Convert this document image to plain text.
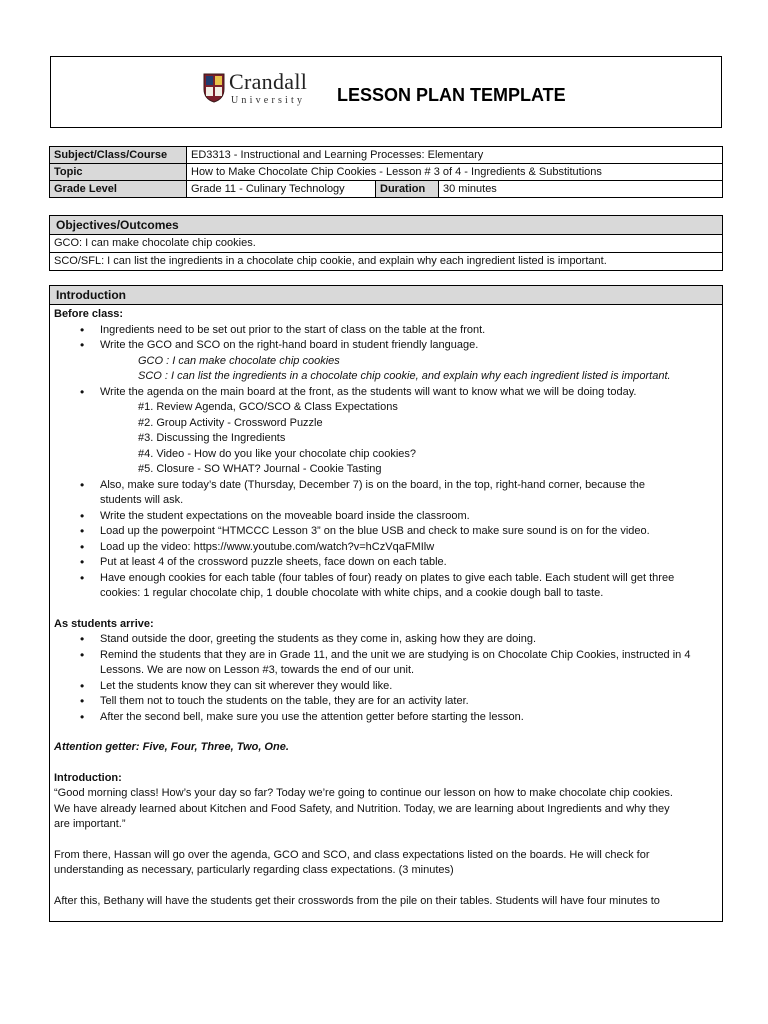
Crandall
University LESSON PLAN TEMPLATE
Subject/Class/Course	ED3313 - Instructional and Learning Processes: Elementary		
Topic	How to Make Chocolate Chip Cookies - Lesson # 3 of 4 - Ingredients & Substitutions		
Grade Level	Grade 11 - Culinary Technology	Duration	30 minutes
Objectives/Outcomes
GCO: I can make chocolate chip cookies.
SCO/SFL: I can list the ingredients in a chocolate chip cookie, and explain why each ingredient listed is important.
Introduction
Before class:
• Ingredients need to be set out prior to the start of class on the table at the front.
• Write the GCO and SCO on the right-hand board in student friendly language.
GCO : I can make chocolate chip cookies
SCO : I can list the ingredients in a chocolate chip cookie, and explain why each ingredient listed is important.
• Write the agenda on the main board at the front, as the students will want to know what we will be doing today.
#1. Review Agenda, GCO/SCO & Class Expectations
#2. Group Activity - Crossword Puzzle
#3. Discussing the Ingredients
#4. Video - How do you like your chocolate chip cookies?
#5. Closure - SO WHAT? Journal - Cookie Tasting
• Also, make sure today’s date (Thursday, December 7) is on the board, in the top, right-hand corner, because the
students will ask.
• Write the student expectations on the moveable board inside the classroom.
• Load up the powerpoint “HTMCCC Lesson 3” on the blue USB and check to make sure sound is on for the video.
• Load up the video: https://www.youtube.com/watch?v=hCzVqaFMIlw
• Put at least 4 of the crossword puzzle sheets, face down on each table.
• Have enough cookies for each table (four tables of four) ready on plates to give each table. Each student will get three
cookies: 1 regular chocolate chip, 1 double chocolate with white chips, and a cookie dough ball to taste.
As students arrive:
• Stand outside the door, greeting the students as they come in, asking how they are doing.
• Remind the students that they are in Grade 11, and the unit we are studying is on Chocolate Chip Cookies, instructed in 4
Lessons. We are now on Lesson #3, towards the end of our unit.
• Let the students know they can sit wherever they would like.
• Tell them not to touch the students on the table, they are for an activity later.
• After the second bell, make sure you use the attention getter before starting the lesson.
Attention getter: Five, Four, Three, Two, One.
Introduction:
“Good morning class! How’s your day so far? Today we’re going to continue our lesson on how to make chocolate chip cookies.
We have already learned about Kitchen and Food Safety, and Nutrition. Today, we are learning about Ingredients and why they
are important.”
From there, Hassan will go over the agenda, GCO and SCO, and class expectations listed on the boards. He will check for
understanding as necessary, particularly regarding class expectations. (3 minutes)
After this, Bethany will have the students get their crosswords from the pile on their tables. Students will have four minutes to
